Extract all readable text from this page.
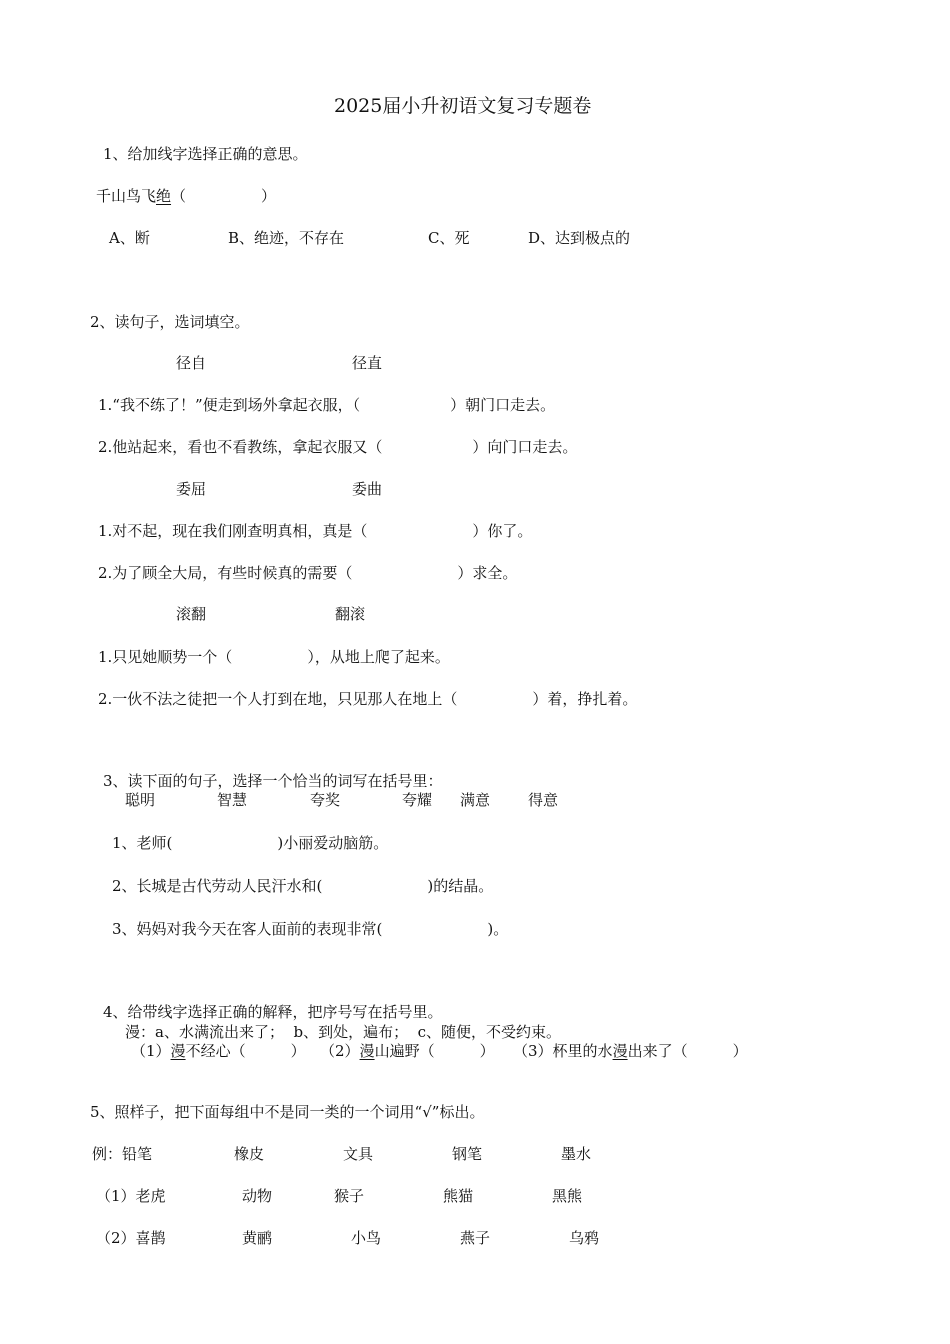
2025届小升初语文复习专题卷
1、给加线字选择正确的意思。
千山鸟飞绝（　　　　　）
A、断	B、绝迹，不存在	C、死	D、达到极点的
2、读句子，选词填空。
径自	径直
1.“我不练了！”便走到场外拿起衣服，（　　　　　　）朝门口走去。
2.他站起来，看也不看教练，拿起衣服又（　　　　　　）向门口走去。
委屈	委曲
1.对不起，现在我们刚查明真相，真是（　　　　　　　）你了。
2.为了顾全大局，有些时候真的需要（　　　　　　　）求全。
滚翻	翻滚
1.只见她顺势一个（　　　　　），从地上爬了起来。
2.一伙不法之徒把一个人打到在地，只见那人在地上（　　　　　）着，挣扎着。
3、读下面的句子，选择一个恰当的词写在括号里：
聪明	智慧	夸奖	夸耀 满意	得意
1、老师(　　　　　　　)小丽爱动脑筋。
2、长城是古代劳动人民汗水和(　　　　　　　)的结晶。
3、妈妈对我今天在客人面前的表现非常(　　　　　　　)。
4、给带线字选择正确的解释，把序号写在括号里。
漫：a、水满流出来了；  b、到处，遍布；  c、随便，不受约束。
（1）漫不经心（　　　） （2）漫山遍野（　　　） （3）杯里的水漫出来了（　　　）
5、照样子，把下面每组中不是同一类的一个词用“√”标出。
例：铅笔	橡皮	文具	钢笔	墨水
（1）老虎	动物	猴子	熊猫	黑熊
（2）喜鹊	黄鹂	小鸟	燕子	乌鸦
